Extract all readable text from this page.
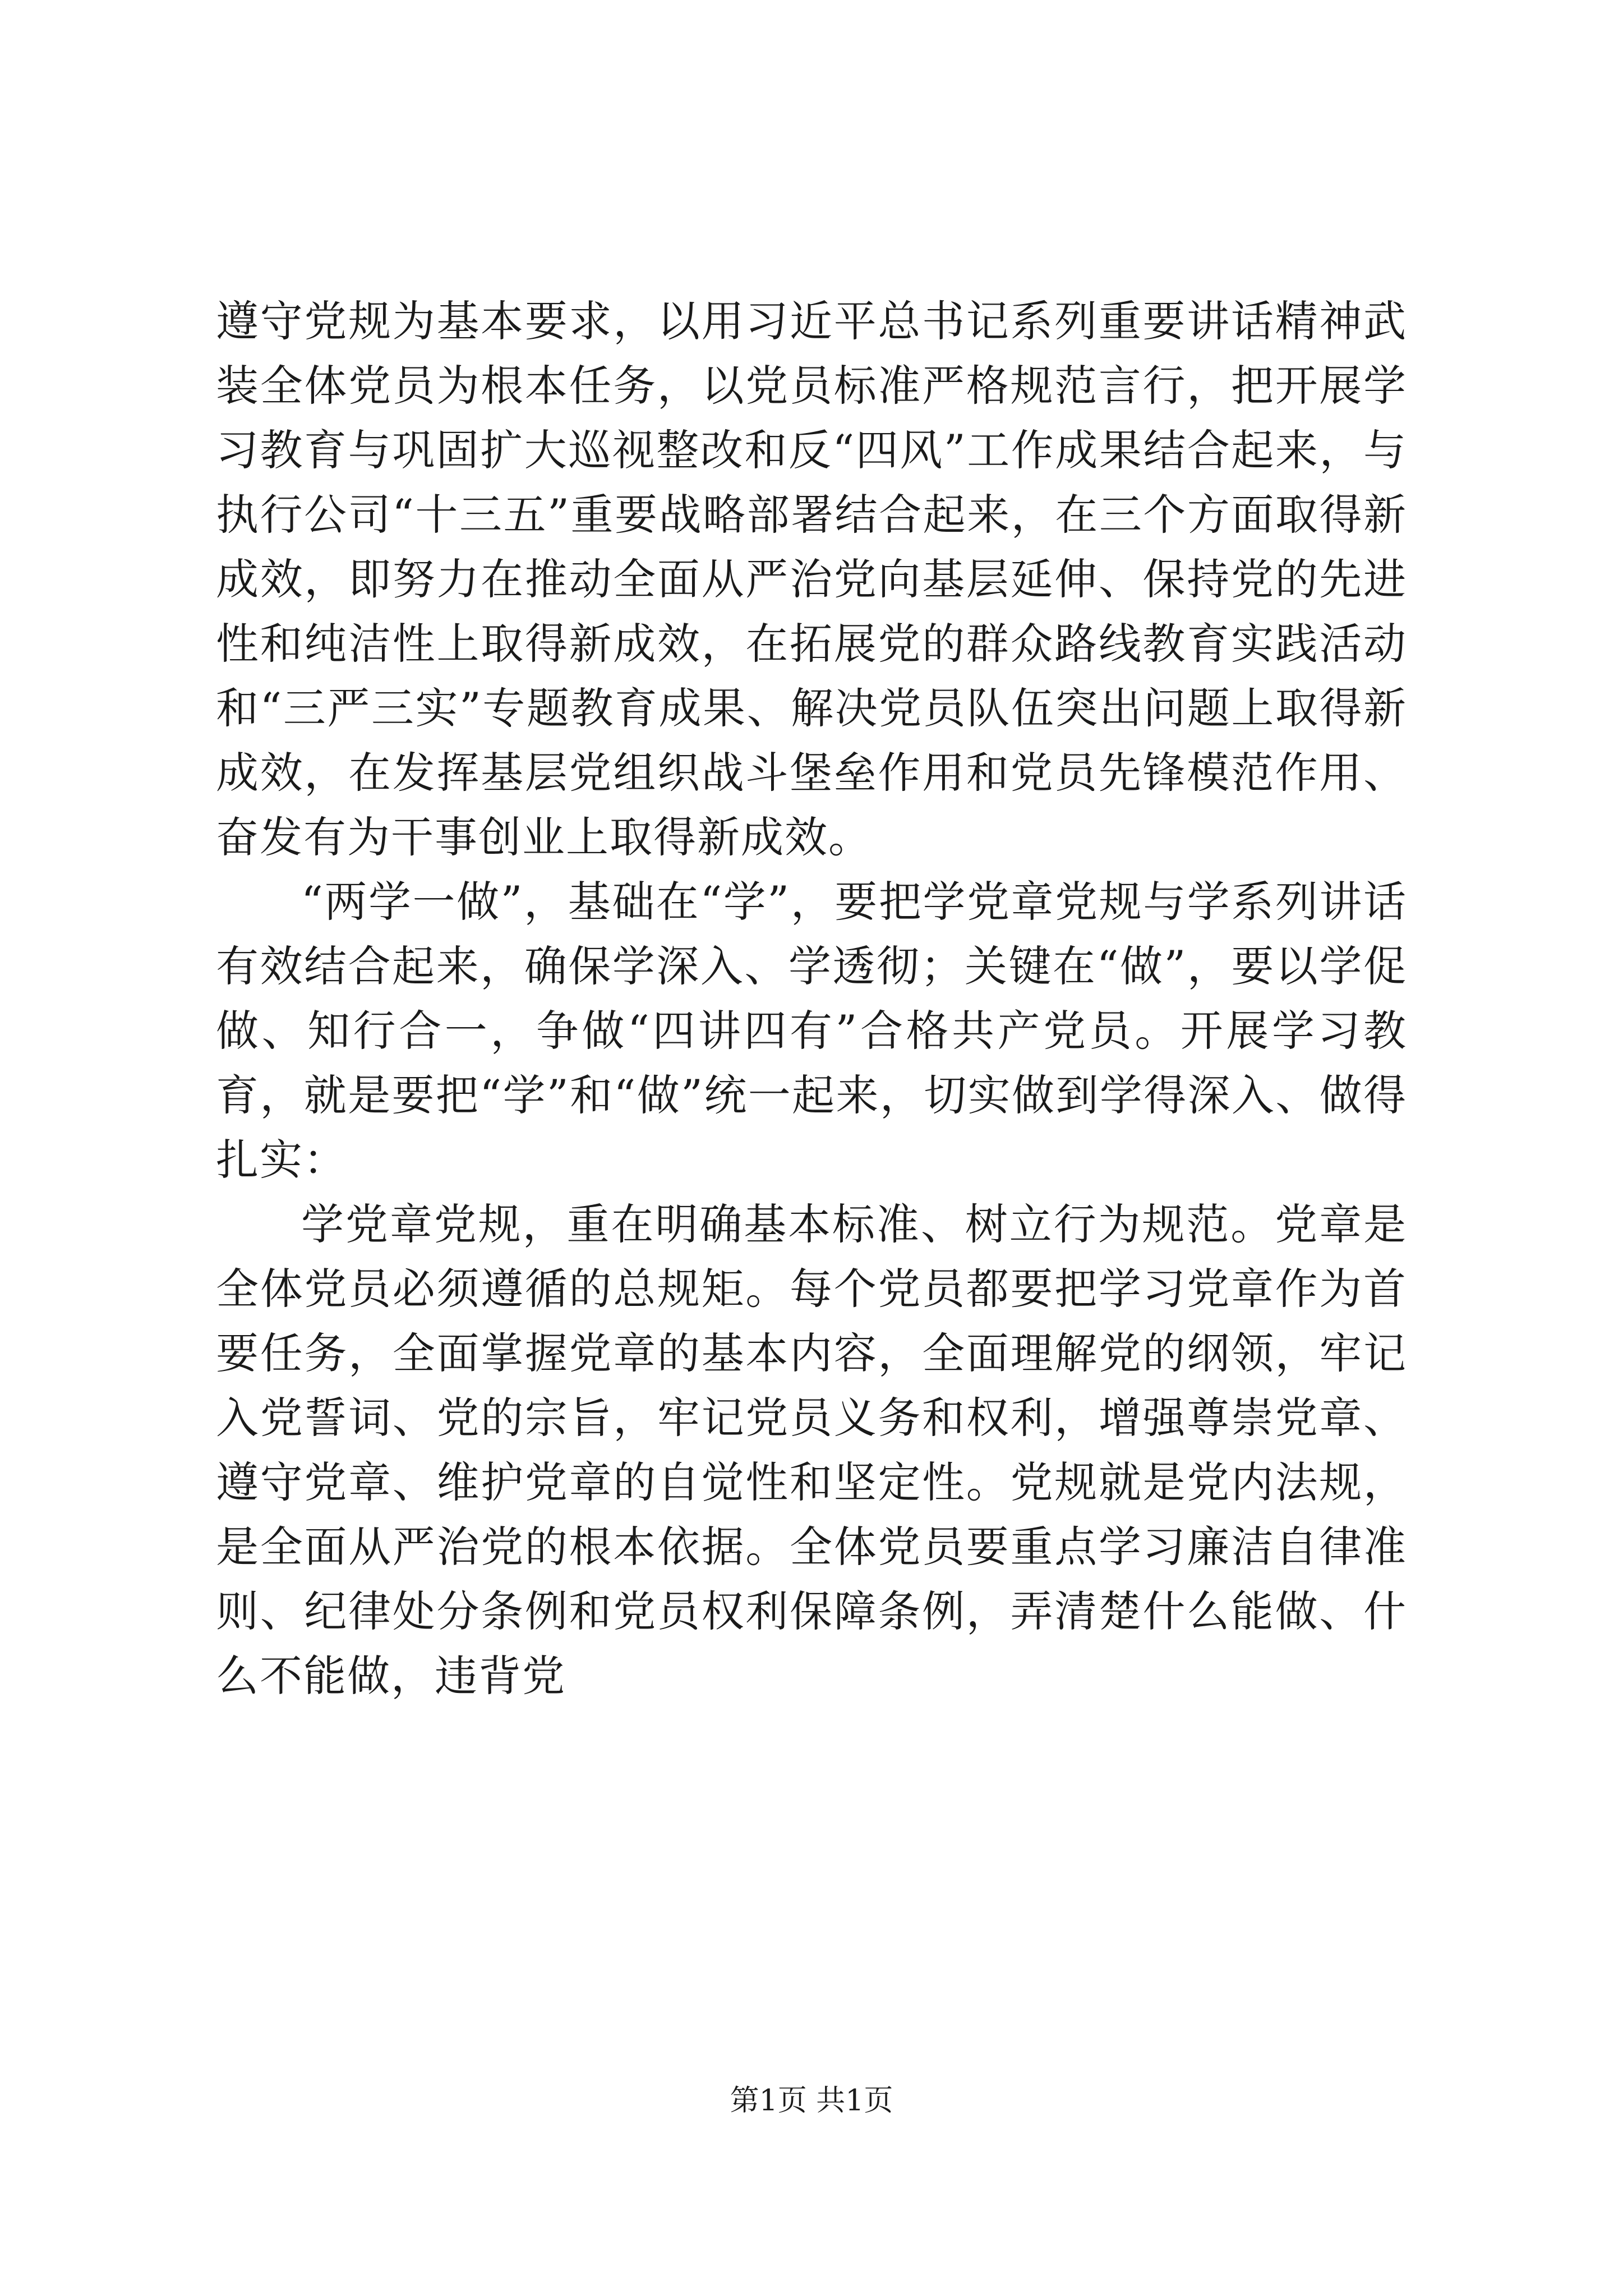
遵守党规为基本要求，以用习近平总书记系列重要讲话精神武装全体党员为根本任务，以党员标准严格规范言行，把开展学习教育与巩固扩大巡视整改和反“四风”工作成果结合起来，与执行公司“十三五”重要战略部署结合起来，在三个方面取得新成效，即努力在推动全面从严治党向基层延伸、保持党的先进性和纯洁性上取得新成效，在拓展党的群众路线教育实践活动和“三严三实”专题教育成果、解决党员队伍突出问题上取得新成效，在发挥基层党组织战斗堡垒作用和党员先锋模范作用、奋发有为干事创业上取得新成效。

“两学一做”，基础在“学”，要把学党章党规与学系列讲话有效结合起来，确保学深入、学透彻；关键在“做”，要以学促做、知行合一，争做“四讲四有”合格共产党员。开展学习教育，就是要把“学”和“做”统一起来，切实做到学得深入、做得扎实：

学党章党规，重在明确基本标准、树立行为规范。党章是全体党员必须遵循的总规矩。每个党员都要把学习党章作为首要任务，全面掌握党章的基本内容，全面理解党的纲领，牢记入党誓词、党的宗旨，牢记党员义务和权利，增强尊崇党章、遵守党章、维护党章的自觉性和坚定性。党规就是党内法规，是全面从严治党的根本依据。全体党员要重点学习廉洁自律准则、纪律处分条例和党员权利保障条例，弄清楚什么能做、什么不能做，违背党

第1页 共1页
